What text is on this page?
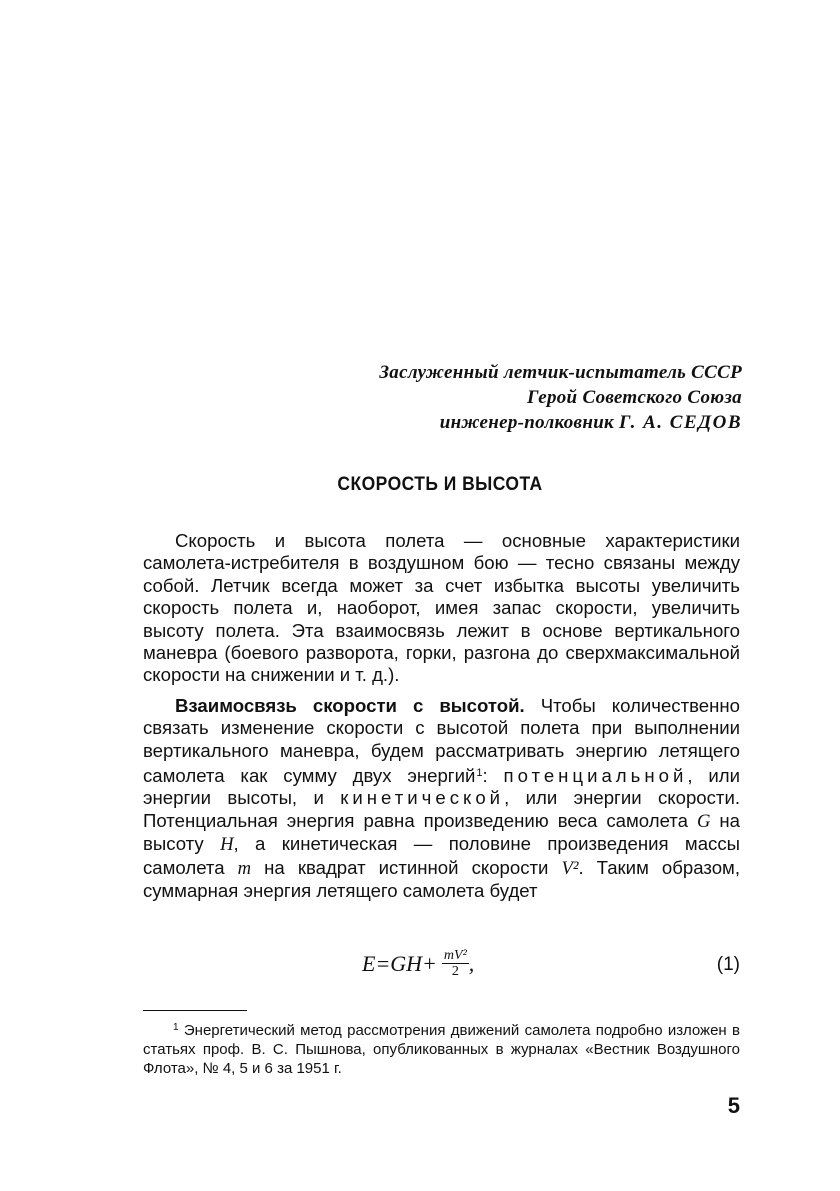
Заслуженный летчик-испытатель СССР
Герой Советского Союза
инженер-полковник Г. А. СЕДОВ
СКОРОСТЬ И ВЫСОТА

Скорость и высота полета — основные характеристики самолета-истребителя в воздушном бою — тесно связаны между собой. Летчик всегда может за счет избытка высоты увеличить скорость полета и, наоборот, имея запас скорости, увеличить высоту полета. Эта взаимосвязь лежит в основе вертикального маневра (боевого разворота, горки, разгона до сверхмаксимальной скорости на снижении и т. д.).

Взаимосвязь скорости с высотой. Чтобы количественно связать изменение скорости с высотой полета при выполнении вертикального маневра, будем рассматривать энергию летящего самолета как сумму двух энергий$^1$: потенциальной, или энергии высоты, и кинетической, или энергии скорости. Потенциальная энергия равна произведению веса самолета G на высоту H, а кинетическая — половине произведения массы самолета m на квадрат истинной скорости V². Таким образом, суммарная энергия летящего самолета будет

$E=GH+ \frac{\text{mV²}}{2}$ ,	(1)
$^1$ Энергетический метод рассмотрения движений самолета подробно изложен в статьях проф. В. С. Пышнова, опубликованных в журналах «Вестник Воздушного Флота», № 4, 5 и 6 за 1951 г.
5
